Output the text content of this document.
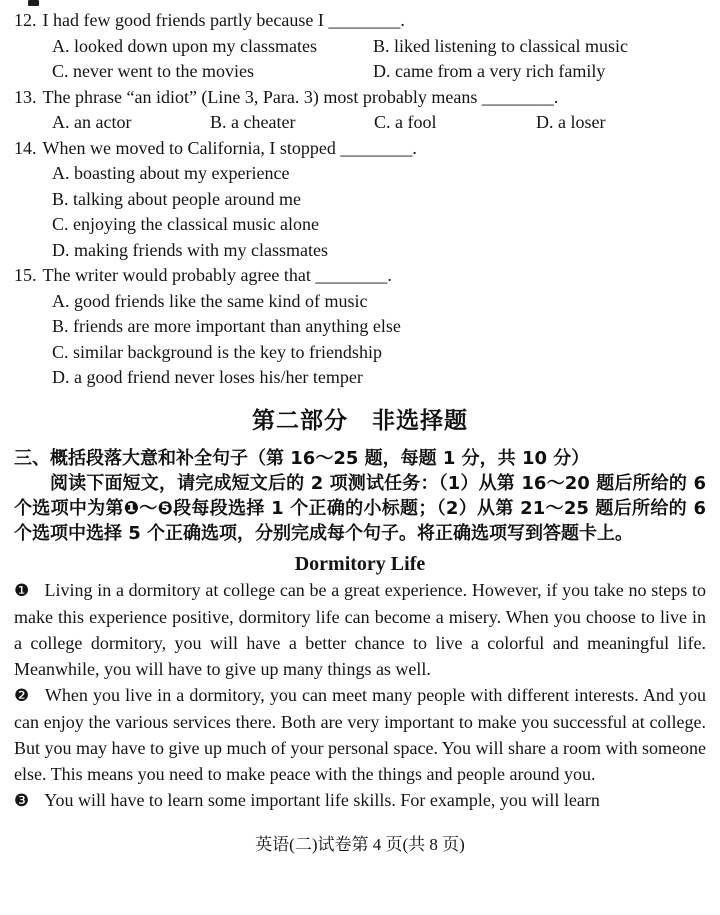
12. I had few good friends partly because I ________.
A. looked down upon my classmates	B. liked listening to classical music
C. never went to the movies	D. came from a very rich family
13. The phrase “an idiot” (Line 3, Para. 3) most probably means ________.
A. an actor	B. a cheater	C. a fool	D. a loser
14. When we moved to California, I stopped ________.
A. boasting about my experience
B. talking about people around me
C. enjoying the classical music alone
D. making friends with my classmates
15. The writer would probably agree that ________.
A. good friends like the same kind of music
B. friends are more important than anything else
C. similar background is the key to friendship
D. a good friend never loses his/her temper
第二部分　非选择题
三、概括段落大意和补全句子（第 16～25 题，每题 1 分，共 10 分）

阅读下面短文，请完成短文后的 2 项测试任务：（1）从第 16～20 题后所给的 6 个选项中为第❶～❺段每段选择 1 个正确的小标题；（2）从第 21～25 题后所给的 6 个选项中选择 5 个正确选项，分别完成每个句子。将正确选项写到答题卡上。

Dormitory Life

❶ Living in a dormitory at college can be a great experience. However, if you take no steps to make this experience positive, dormitory life can become a misery. When you choose to live in a college dormitory, you will have a better chance to live a colorful and meaningful life. Meanwhile, you will have to give up many things as well.

❷ When you live in a dormitory, you can meet many people with different interests. And you can enjoy the various services there. Both are very important to make you successful at college. But you may have to give up much of your personal space. You will share a room with someone else. This means you need to make peace with the things and people around you.

❸ You will have to learn some important life skills. For example, you will learn

英语(二)试卷第 4 页(共 8 页)
